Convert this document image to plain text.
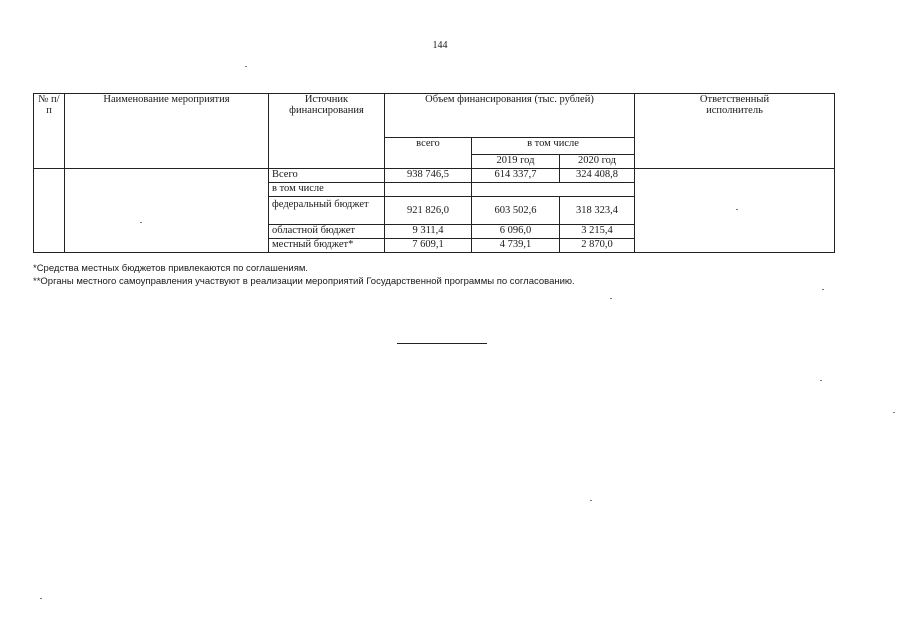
144
№ п/п	Наименование мероприятия	Источник финансирования	Объем финансирования (тыс. рублей)			Ответственный исполнитель
			всего	в том числе		
				2019 год	2020 год	
		Всего	938 746,5	614 337,7	324 408,8	
		в том числе				
		федеральный бюджет	921 826,0	603 502,6	318 323,4	
		областной бюджет	9 311,4	6 096,0	3 215,4	
		местный бюджет*	7 609,1	4 739,1	2 870,0	
*Средства местных бюджетов привлекаются по соглашениям.
**Органы местного самоуправления участвуют в реализации мероприятий Государственной программы по согласованию.
